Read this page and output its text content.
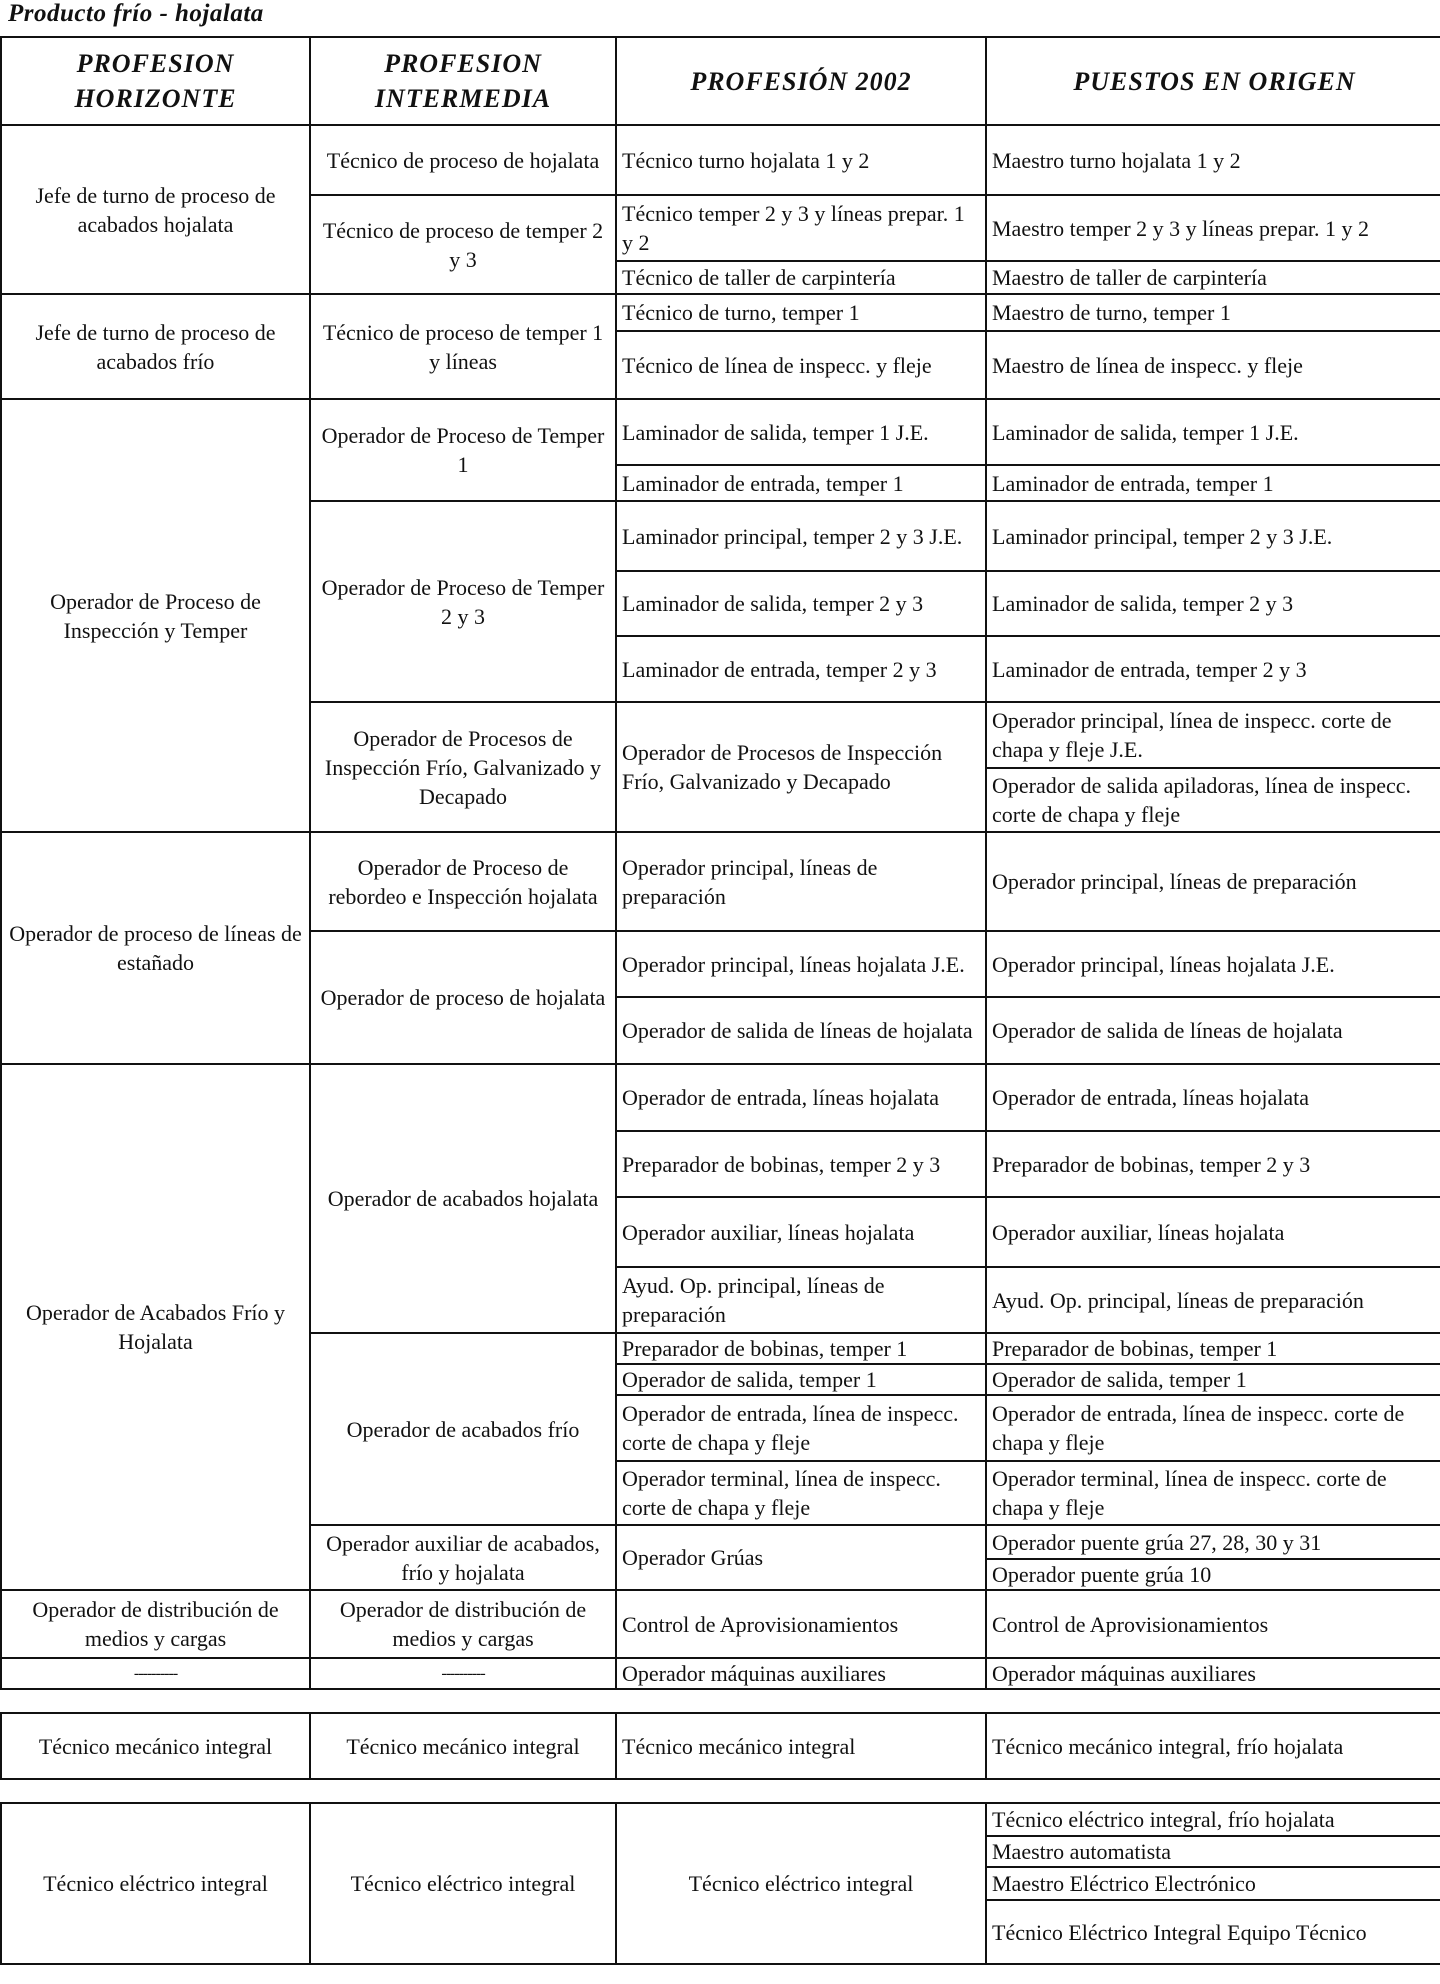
Producto frío - hojalata
PROFESION HORIZONTE	PROFESION INTERMEDIA	PROFESIÓN 2002	PUESTOS EN ORIGEN
Jefe de turno de proceso de acabados hojalata	Técnico de proceso de hojalata	Técnico turno hojalata 1 y 2	Maestro turno hojalata 1 y 2
	Técnico de proceso de temper 2 y 3	Técnico temper 2 y 3 y líneas prepar. 1 y 2	Maestro temper 2 y 3 y líneas prepar. 1 y 2
		Técnico de taller de carpintería	Maestro de taller de carpintería
Jefe de turno de proceso de acabados frío	Técnico de proceso de temper 1 y líneas	Técnico de turno, temper 1	Maestro de turno, temper 1
		Técnico de línea de inspecc. y fleje	Maestro de línea de inspecc. y fleje
Operador de Proceso de Inspección y Temper	Operador de Proceso de Temper 1	Laminador de salida, temper 1 J.E.	Laminador de salida, temper 1 J.E.
		Laminador de entrada, temper 1	Laminador de entrada, temper 1
	Operador de Proceso de Temper 2 y 3	Laminador principal, temper 2 y 3 J.E.	Laminador principal, temper 2 y 3 J.E.
		Laminador de salida, temper 2 y 3	Laminador de salida, temper 2 y 3
		Laminador de entrada, temper 2 y 3	Laminador de entrada, temper 2 y 3
	Operador de Procesos de Inspección Frío, Galvanizado y Decapado	Operador de Procesos de Inspección Frío, Galvanizado y Decapado	Operador principal, línea de inspecc. corte de chapa y fleje J.E.
			Operador de salida apiladoras, línea de inspecc. corte de chapa y fleje
Operador de proceso de líneas de estañado	Operador de Proceso de rebordeo e Inspección hojalata	Operador principal, líneas de preparación	Operador principal, líneas de preparación
	Operador de proceso de hojalata	Operador principal, líneas hojalata J.E.	Operador principal, líneas hojalata J.E.
		Operador de salida de líneas de hojalata	Operador de salida de líneas de hojalata
Operador de Acabados Frío y Hojalata	Operador de acabados hojalata	Operador de entrada, líneas hojalata	Operador de entrada, líneas hojalata
		Preparador de bobinas, temper 2 y 3	Preparador de bobinas, temper 2 y 3
		Operador auxiliar, líneas hojalata	Operador auxiliar, líneas hojalata
		Ayud. Op. principal, líneas de preparación	Ayud. Op. principal, líneas de preparación
	Operador de acabados frío	Preparador de bobinas, temper 1	Preparador de bobinas, temper 1
		Operador de salida, temper 1	Operador de salida, temper 1
		Operador de entrada, línea de inspecc. corte de chapa y fleje	Operador de entrada, línea de inspecc. corte de chapa y fleje
		Operador terminal, línea de inspecc. corte de chapa y fleje	Operador terminal, línea de inspecc. corte de chapa y fleje
	Operador auxiliar de acabados, frío y hojalata	Operador Grúas	Operador puente grúa 27, 28, 30 y 31
			Operador puente grúa 10
Operador de distribución de medios y cargas	Operador de distribución de medios y cargas	Control de Aprovisionamientos	Control de Aprovisionamientos
----------	----------	Operador máquinas auxiliares	Operador máquinas auxiliares

Técnico mecánico integral	Técnico mecánico integral	Técnico mecánico integral	Técnico mecánico integral, frío hojalata

Técnico eléctrico integral	Técnico eléctrico integral	Técnico eléctrico integral	Técnico eléctrico integral, frío hojalata
			Maestro automatista
			Maestro Eléctrico Electrónico
			Técnico Eléctrico Integral Equipo Técnico
